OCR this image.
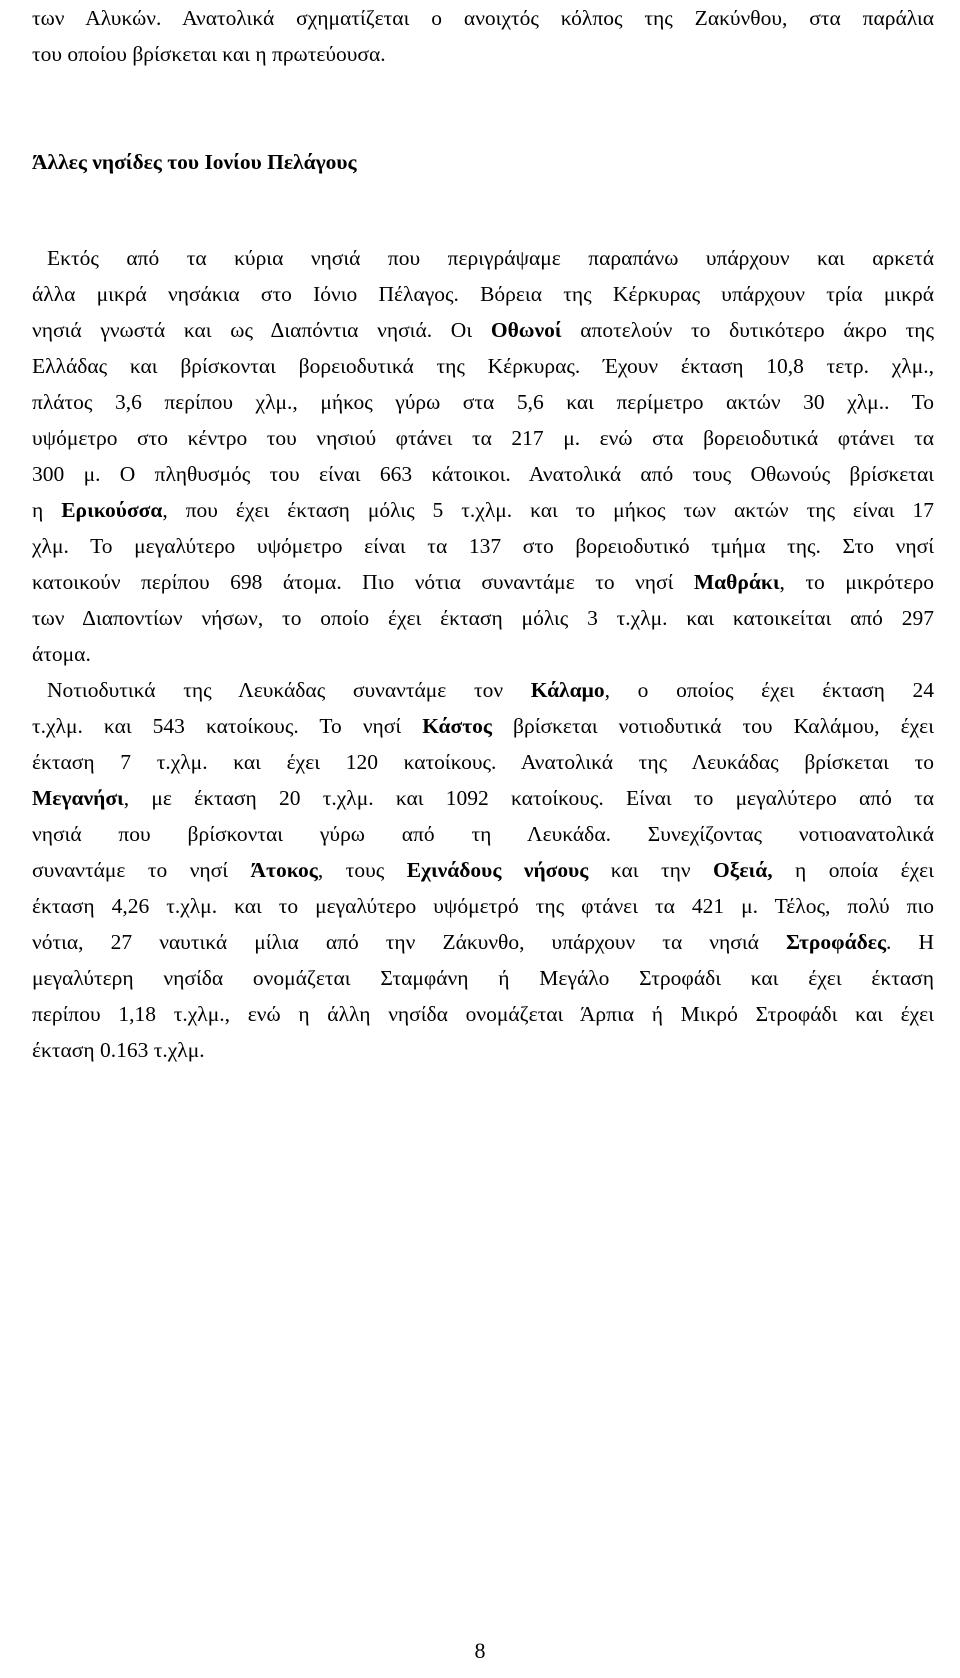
των Αλυκών. Ανατολικά σχηματίζεται ο ανοιχτός κόλπος της Ζακύνθου, στα παράλια
του οποίου βρίσκεται και η πρωτεύουσα.
Άλλες νησίδες του Ιονίου Πελάγους
Εκτός από τα κύρια νησιά που περιγράψαμε παραπάνω υπάρχουν και αρκετά
άλλα μικρά νησάκια στο Ιόνιο Πέλαγος. Βόρεια της Κέρκυρας υπάρχουν τρία μικρά
νησιά γνωστά και ως Διαπόντια νησιά. Οι Οθωνοί αποτελούν το δυτικότερο άκρο της
Ελλάδας και βρίσκονται βορειοδυτικά της Κέρκυρας. Έχουν έκταση 10,8 τετρ. χλμ.,
πλάτος 3,6 περίπου χλμ., μήκος γύρω στα 5,6 και περίμετρο ακτών 30 χλμ.. Το
υψόμετρο στο κέντρο του νησιού φτάνει τα 217 μ. ενώ στα βορειοδυτικά φτάνει τα
300 μ. Ο πληθυσμός του είναι 663 κάτοικοι. Ανατολικά από τους Οθωνούς βρίσκεται
η Ερικούσσα, που έχει έκταση μόλις 5 τ.χλμ. και το μήκος των ακτών της είναι 17
χλμ. Το μεγαλύτερο υψόμετρο είναι τα 137 στο βορειοδυτικό τμήμα της. Στο νησί
κατοικούν περίπου 698 άτομα. Πιο νότια συναντάμε το νησί Μαθράκι, το μικρότερο
των Διαποντίων νήσων, το οποίο έχει έκταση μόλις 3 τ.χλμ. και κατοικείται από 297
άτομα.
Νοτιοδυτικά της Λευκάδας συναντάμε τον Κάλαμο, ο οποίος έχει έκταση 24
τ.χλμ. και 543 κατοίκους. Το νησί Κάστος βρίσκεται νοτιοδυτικά του Καλάμου, έχει
έκταση 7 τ.χλμ. και έχει 120 κατοίκους. Ανατολικά της Λευκάδας βρίσκεται το
Μεγανήσι, με έκταση 20 τ.χλμ. και 1092 κατοίκους. Είναι το μεγαλύτερο από τα
νησιά που βρίσκονται γύρω από τη Λευκάδα. Συνεχίζοντας νοτιοανατολικά
συναντάμε το νησί Άτοκος, τους Εχινάδους νήσους και την Οξειά, η οποία έχει
έκταση 4,26 τ.χλμ. και το μεγαλύτερο υψόμετρό της φτάνει τα 421 μ. Τέλος, πολύ πιο
νότια, 27 ναυτικά μίλια από την Ζάκυνθο, υπάρχουν τα νησιά Στροφάδες. Η
μεγαλύτερη νησίδα ονομάζεται Σταμφάνη ή Μεγάλο Στροφάδι και έχει έκταση
περίπου 1,18 τ.χλμ., ενώ η άλλη νησίδα ονομάζεται Άρπια ή Μικρό Στροφάδι και έχει
έκταση 0.163 τ.χλμ.
8
